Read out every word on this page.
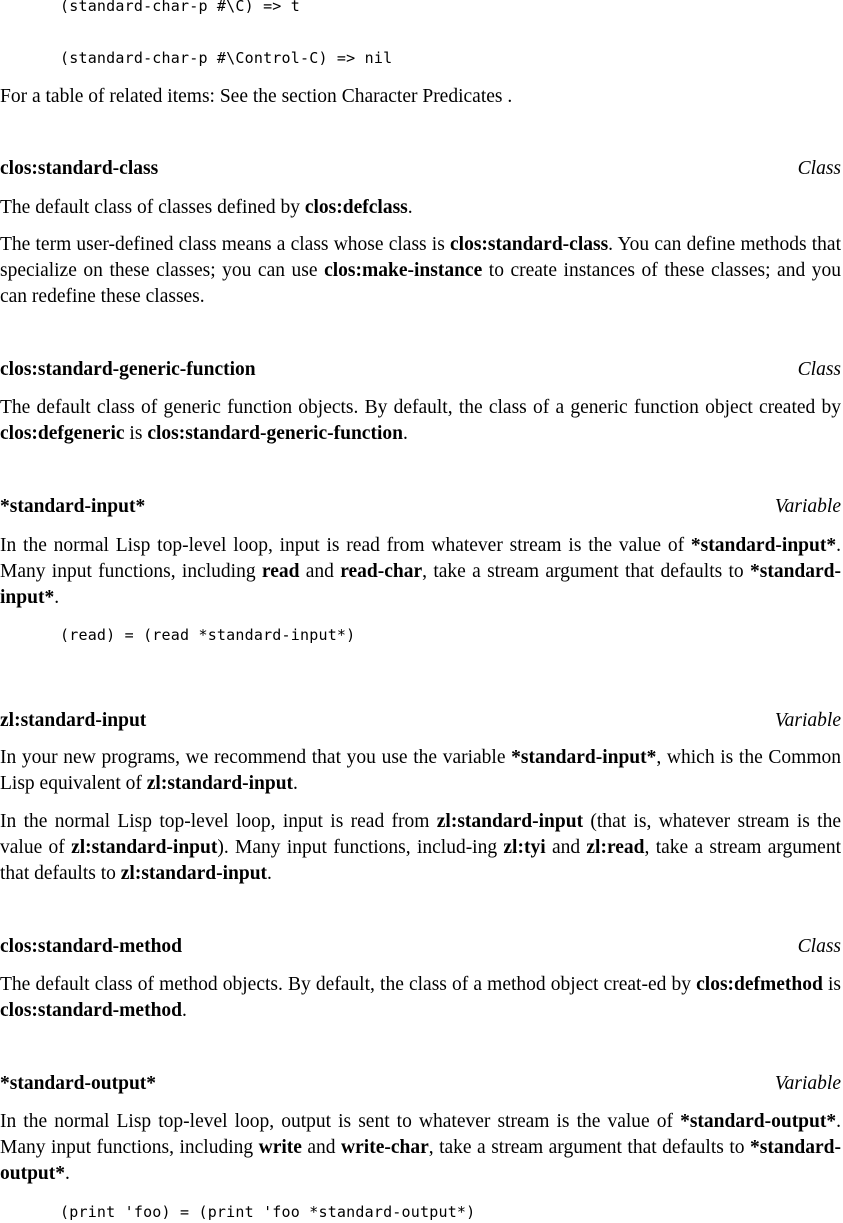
(standard-char-p #\C) => t
(standard-char-p #\Control-C) => nil

For a table of related items: See the section Character Predicates .

clos:standard-class	Class

The default class of classes defined by clos:defclass.

The term user-defined class means a class whose class is clos:standard-class. You can define methods that specialize on these classes; you can use clos:make-instance to create instances of these classes; and you can redefine these classes.

clos:standard-generic-function	Class

The default class of generic function objects. By default, the class of a generic function object created by clos:defgeneric is clos:standard-generic-function.

*standard-input*	Variable

In the normal Lisp top-level loop, input is read from whatever stream is the value of *standard-input*. Many input functions, including read and read-char, take a stream argument that defaults to *standard-input*.

(read) = (read *standard-input*)
zl:standard-input	Variable

In your new programs, we recommend that you use the variable *standard-input*, which is the Common Lisp equivalent of zl:standard-input.

In the normal Lisp top-level loop, input is read from zl:standard-input (that is, whatever stream is the value of zl:standard-input). Many input functions, includ-ing zl:tyi and zl:read, take a stream argument that defaults to zl:standard-input.

clos:standard-method	Class

The default class of method objects. By default, the class of a method object creat-ed by clos:defmethod is clos:standard-method.

*standard-output*	Variable

In the normal Lisp top-level loop, output is sent to whatever stream is the value of *standard-output*. Many input functions, including write and write-char, take a stream argument that defaults to *standard-output*.

(print 'foo) = (print 'foo *standard-output*)
